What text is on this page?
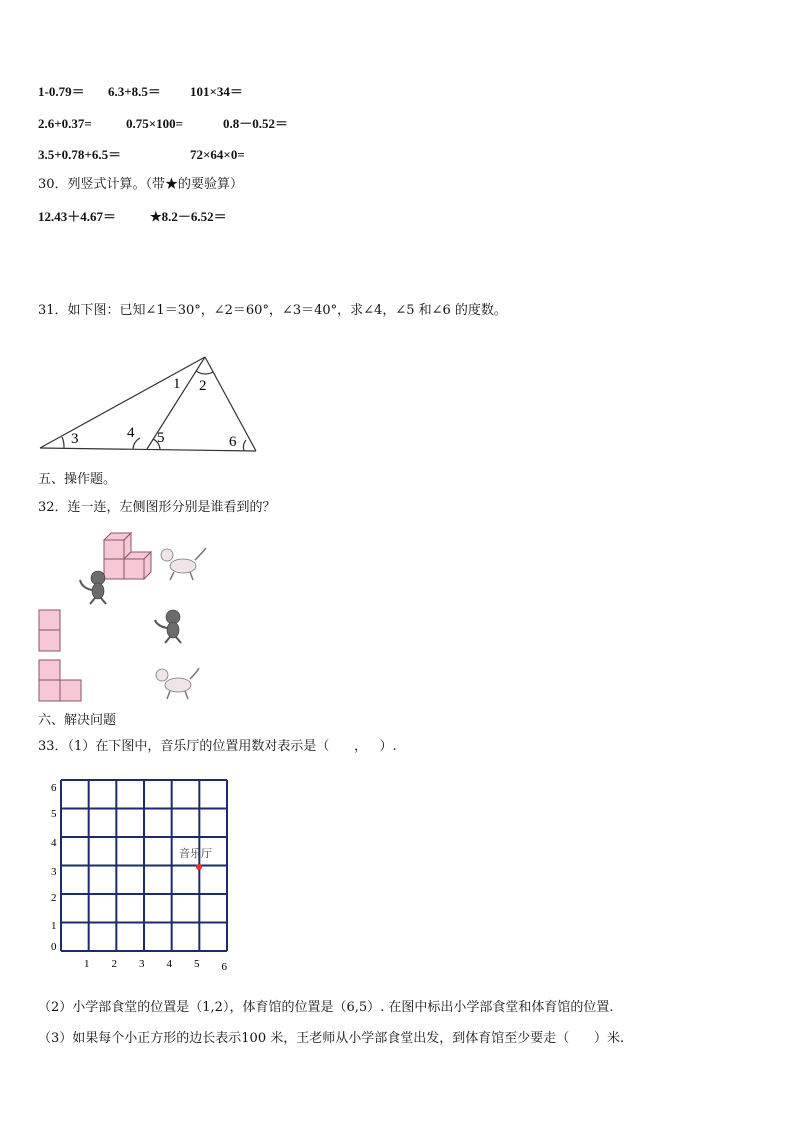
1-0.79＝ 6.3+8.5＝ 101×34＝
2.6+0.37=	0.75×100=	0.8－0.52＝
3.5+0.78+6.5＝	72×64×0=
30．列竖式计算。（带★的要验算）
12.43＋4.67＝	★8.2－6.52＝
31．如下图：已知∠1＝30°，∠2＝60°，∠3＝40°，求∠4，∠5 和∠6 的度数。
1 2
3	4 5	6
五、操作题。
32．连一连，左侧图形分别是谁看到的？
六、解决问题
33．（1）在下图中，音乐厅的位置用数对表示是（      ，   ）.
0
1
2
3
4
5
6
1 2 3 4 5 6
音乐厅
（2）小学部食堂的位置是（1,2），体育馆的位置是（6,5）. 在图中标出小学部食堂和体育馆的位置.
（3）如果每个小正方形的边长表示100 米，王老师从小学部食堂出发，到体育馆至少要走（      ）米.
